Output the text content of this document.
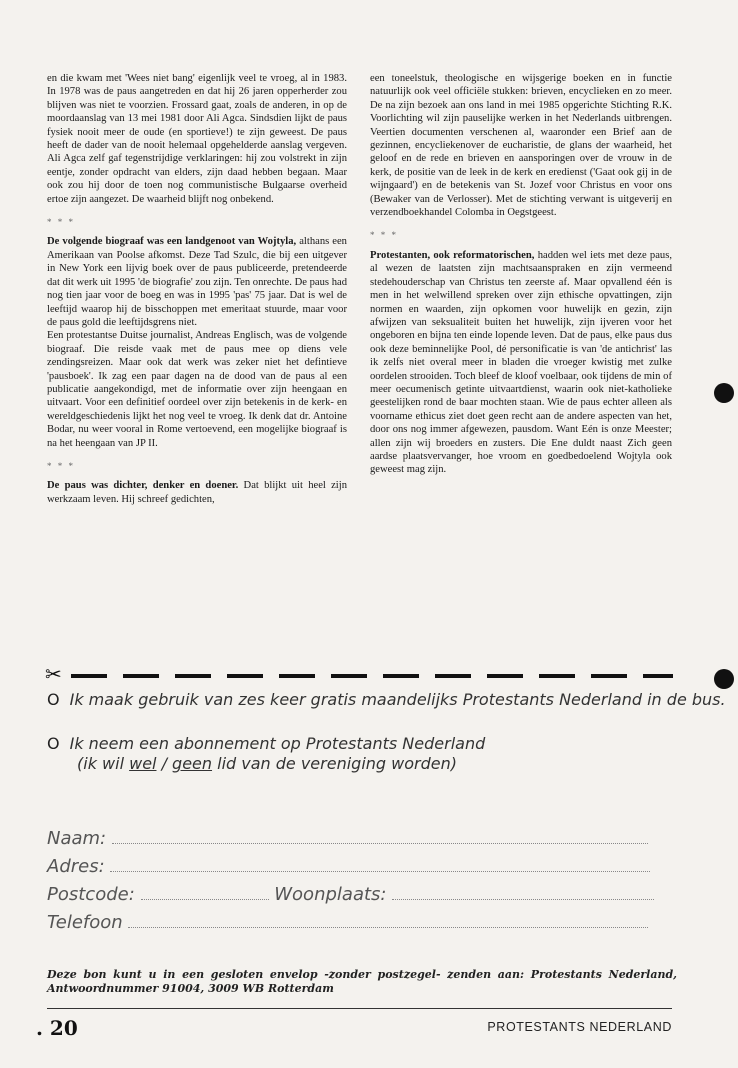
en die kwam met 'Wees niet bang' eigenlijk veel te vroeg, al in 1983. In 1978 was de paus aangetreden en dat hij 26 jaren opperherder zou blijven was niet te voorzien. Frossard gaat, zoals de anderen, in op de moordaanslag van 13 mei 1981 door Ali Agca. Sindsdien lijkt de paus fysiek nooit meer de oude (en sportieve!) te zijn geweest. De paus heeft de dader van de nooit helemaal opgehelderde aanslag vergeven. Ali Agca zelf gaf tegenstrijdige verklaringen: hij zou volstrekt in zijn eentje, zonder opdracht van elders, zijn daad hebben begaan. Maar ook zou hij door de toen nog communistische Bulgaarse overheid ertoe zijn aangezet. De waarheid blijft nog onbekend.

* * *

De volgende biograaf was een landgenoot van Wojtyla, althans een Amerikaan van Poolse afkomst. Deze Tad Szulc, die bij een uitgever in New York een lijvig boek over de paus publiceerde, pretendeerde dat dit werk uit 1995 'de biografie' zou zijn. Ten onrechte. De paus had nog tien jaar voor de boeg en was in 1995 'pas' 75 jaar. Dat is wel de leeftijd waarop hij de bisschoppen met emeritaat stuurde, maar voor de paus gold die leeftijdsgrens niet.

Een protestantse Duitse journalist, Andreas Englisch, was de volgende biograaf. Die reisde vaak met de paus mee op diens vele zendingsreizen. Maar ook dat werk was zeker niet het defintieve 'pausboek'. Ik zag een paar dagen na de dood van de paus al een publicatie aangekondigd, met de informatie over zijn heengaan en uitvaart. Voor een definitief oordeel over zijn betekenis in de kerk- en wereldgeschiedenis lijkt het nog veel te vroeg. Ik denk dat dr. Antoine Bodar, nu weer vooral in Rome vertoevend, een mogelijke biograaf is na het heengaan van JP II.

* * *

De paus was dichter, denker en doener. Dat blijkt uit heel zijn werkzaam leven. Hij schreef gedichten,

een toneelstuk, theologische en wijsgerige boeken en in functie natuurlijk ook veel officiële stukken: brieven, encyclieken en zo meer. De na zijn bezoek aan ons land in mei 1985 opgerichte Stichting R.K. Voorlichting wil zijn pauselijke werken in het Nederlands uitbrengen. Veertien documenten verschenen al, waaronder een Brief aan de gezinnen, encycliekenover de eucharistie, de glans der waarheid, het geloof en de rede en brieven en aansporingen over de vrouw in de kerk, de positie van de leek in de kerk en eredienst ('Gaat ook gij in de wijngaard') en de betekenis van St. Jozef voor Christus en voor ons (Bewaker van de Verlosser). Met de stichting verwant is uitgeverij en verzendboekhandel Colomba in Oegstgeest.

* * *

Protestanten, ook reformatorischen, hadden wel iets met deze paus, al wezen de laatsten zijn machtsaanspraken en zijn vermeend stedehouderschap van Christus ten zeerste af. Maar opvallend één is men in het welwillend spreken over zijn ethische opvattingen, zijn normen en waarden, zijn opkomen voor huwelijk en gezin, zijn afwijzen van seksualiteit buiten het huwelijk, zijn ijveren voor het ongeboren en bijna ten einde lopende leven. Dat de paus, elke paus dus ook deze beminnelijke Pool, dé personificatie is van 'de antichrist' las ik zelfs niet overal meer in bladen die vroeger kwistig met zulke oordelen strooiden. Toch bleef de kloof voelbaar, ook tijdens de min of meer oecumenisch getinte uitvaartdienst, waarin ook niet-katholieke geestelijken rond de baar mochten staan. Wie de paus echter alleen als voorname ethicus ziet doet geen recht aan de andere aspecten van het, door ons nog immer afgewezen, pausdom. Want Eén is onze Meester; allen zijn wij broeders en zusters. Die Ene duldt naast Zich geen aardse plaatsvervanger, hoe vroom en goedbedoelend Wojtyla ook geweest mag zijn.

✂
O Ik maak gebruik van zes keer gratis maandelijks Protestants Nederland in de bus.
O Ik neem een abonnement op Protestants Nederland
(ik wil wel / geen lid van de vereniging worden)
Naam:
Adres:
Postcode:	Woonplaats:
Telefoon
Deze bon kunt u in een gesloten envelop -zonder postzegel- zenden aan: Protestants Nederland, Antwoordnummer 91004, 3009 WB Rotterdam
. 20	PROTESTANTS NEDERLAND
